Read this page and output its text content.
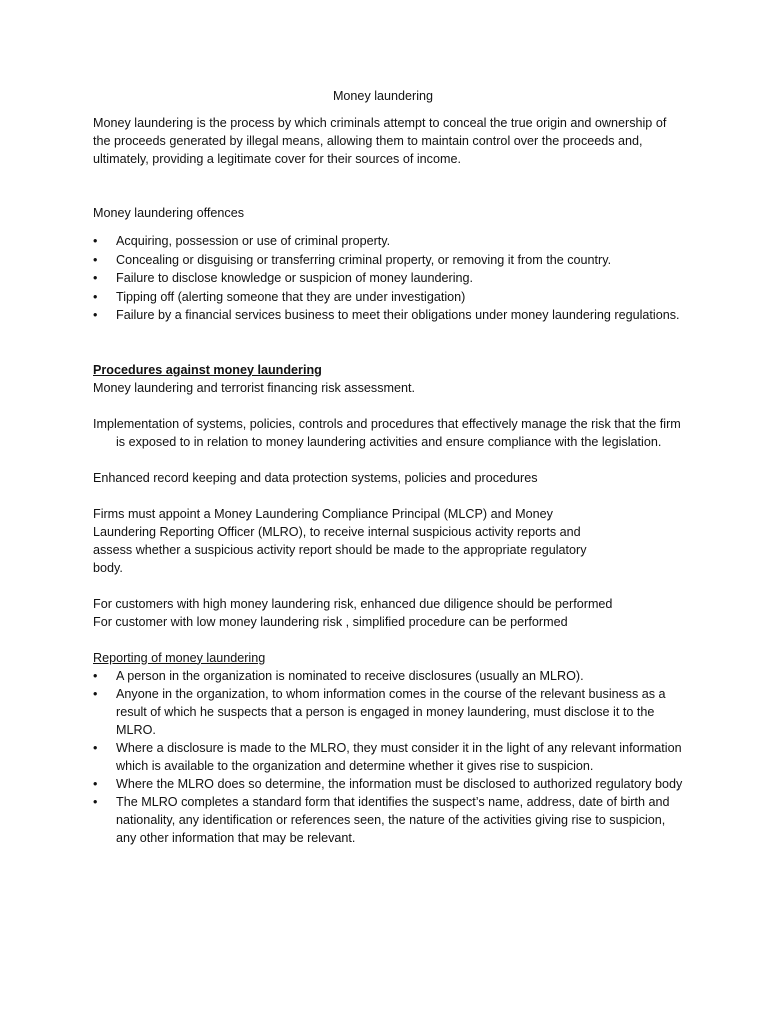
Money laundering

Money laundering is the process by which criminals attempt to conceal the true origin and ownership of the proceeds generated by illegal means, allowing them to maintain control over the proceeds and, ultimately, providing a legitimate cover for their sources of income.

Money laundering offences

•	Acquiring, possession or use of criminal property.
•	Concealing or disguising or transferring criminal property, or removing it from the country.
•	Failure to disclose knowledge or suspicion of money laundering.
•	Tipping off (alerting someone that they are under investigation)
•	Failure by a financial services business to meet their obligations under money laundering regulations.

Procedures against money laundering

Money laundering and terrorist financing risk assessment.

Implementation of systems, policies, controls and procedures that effectively manage the risk that the firm is exposed to in relation to money laundering activities and ensure compliance with the legislation.

Enhanced record keeping and data protection systems, policies and procedures

Firms must appoint a Money Laundering Compliance Principal (MLCP) and Money

Laundering Reporting Officer (MLRO), to receive internal suspicious activity reports and

assess whether a suspicious activity report should be made to the appropriate regulatory

body.

For customers with high money laundering risk, enhanced due diligence should be performed

For customer with low money laundering risk , simplified procedure can be performed

Reporting of money laundering

•	A person in the organization is nominated to receive disclosures (usually an MLRO).
•	Anyone in the organization, to whom information comes in the course of the relevant business as a result of which he suspects that a person is engaged in money laundering, must disclose it to the MLRO.
•	Where a disclosure is made to the MLRO, they must consider it in the light of any relevant information which is available to the organization and determine whether it gives rise to suspicion.
•	Where the MLRO does so determine, the information must be disclosed to authorized regulatory body
•	The MLRO completes a standard form that identifies the suspect’s name, address, date of birth and nationality, any identification or references seen, the nature of the activities giving rise to suspicion, any other information that may be relevant.
